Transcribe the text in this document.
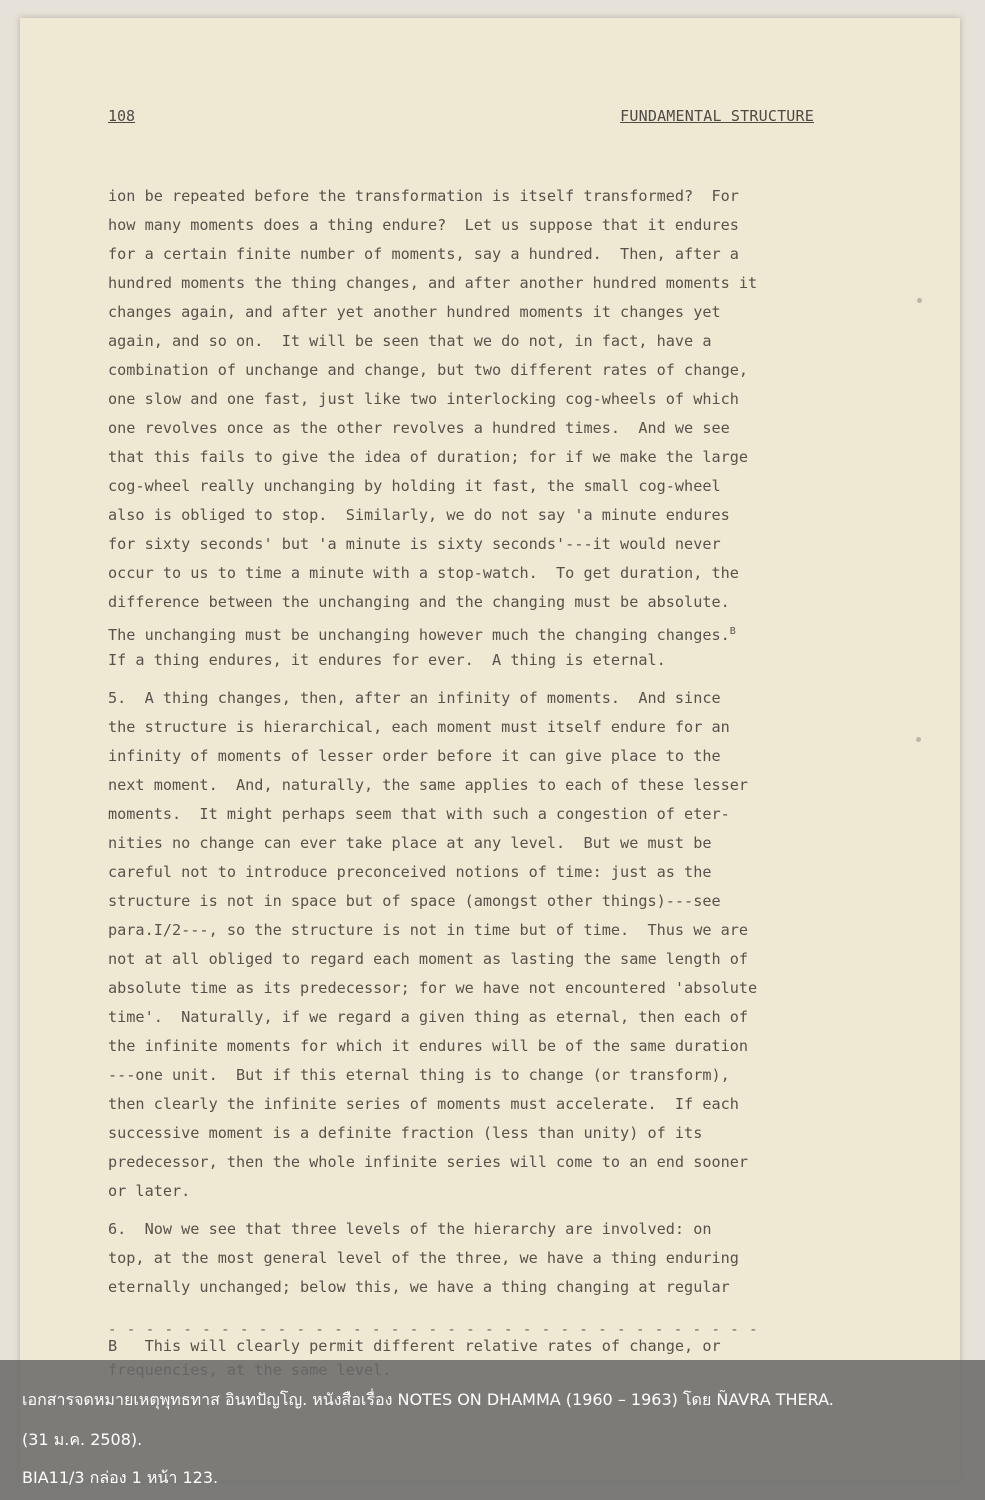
108	FUNDAMENTAL STRUCTURE
ion be repeated before the transformation is itself transformed?  For
how many moments does a thing endure?  Let us suppose that it endures
for a certain finite number of moments, say a hundred.  Then, after a
hundred moments the thing changes, and after another hundred moments it
changes again, and after yet another hundred moments it changes yet
again, and so on.  It will be seen that we do not, in fact, have a
combination of unchange and change, but two different rates of change,
one slow and one fast, just like two interlocking cog-wheels of which
one revolves once as the other revolves a hundred times.  And we see
that this fails to give the idea of duration; for if we make the large
cog-wheel really unchanging by holding it fast, the small cog-wheel
also is obliged to stop.  Similarly, we do not say 'a minute endures
for sixty seconds' but 'a minute is sixty seconds'---it would never
occur to us to time a minute with a stop-watch.  To get duration, the
difference between the unchanging and the changing must be absolute.
The unchanging must be unchanging however much the changing changes.$^B$
If a thing endures, it endures for ever.  A thing is eternal.
5.  A thing changes, then, after an infinity of moments.  And since
the structure is hierarchical, each moment must itself endure for an
infinity of moments of lesser order before it can give place to the
next moment.  And, naturally, the same applies to each of these lesser
moments.  It might perhaps seem that with such a congestion of eter-
nities no change can ever take place at any level.  But we must be
careful not to introduce preconceived notions of time: just as the
structure is not in space but of space (amongst other things)---see
para.I/2---, so the structure is not in time but of time.  Thus we are
not at all obliged to regard each moment as lasting the same length of
absolute time as its predecessor; for we have not encountered 'absolute
time'.  Naturally, if we regard a given thing as eternal, then each of
the infinite moments for which it endures will be of the same duration
---one unit.  But if this eternal thing is to change (or transform),
then clearly the infinite series of moments must accelerate.  If each
successive moment is a definite fraction (less than unity) of its
predecessor, then the whole infinite series will come to an end sooner
or later.
6.  Now we see that three levels of the hierarchy are involved: on
top, at the most general level of the three, we have a thing enduring
eternally unchanged; below this, we have a thing changing at regular
- - - - - - - - - - - - - - - - - - - - - - - - - - - - - - - - - - -
B   This will clearly permit different relative rates of change, or
เอกสารจดหมายเหตุพุทธทาส อินทปัญโญ. หนังสือเรื่อง NOTES ON DHAMMA (1960 – 1963) โดย ÑAVRA THERA.
(31 ม.ค. 2508).
BIA11/3 กล่อง 1 หน้า 123.
